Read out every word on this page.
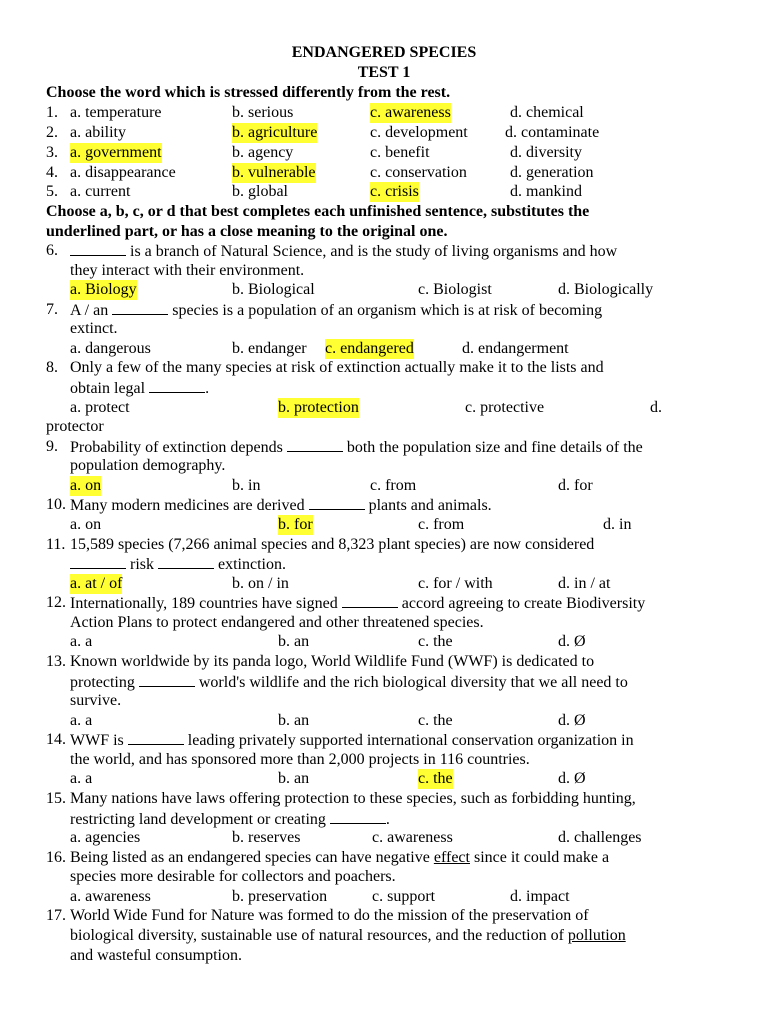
ENDANGERED SPECIES
TEST 1
Choose the word which is stressed differently from the rest.
1. a. temperature	b. serious	c. awareness	d. chemical
2. a. ability	b. agriculture	c. development d. contaminate
3. a. government	b. agency	c. benefit	d. diversity
4. a. disappearance	b. vulnerable	c. conservation	d. generation
5. a. current	b. global	c. crisis	d. mankind
Choose a, b, c, or d that best completes each unfinished sentence, substitutes the
underlined part, or has a close meaning to the original one.
6.	is a branch of Natural Science, and is the study of living organisms and how
they interact with their environment.
a. Biology	b. Biological	c. Biologist	d. Biologically
7. A / an	species is a population of an organism which is at risk of becoming
extinct.
a. dangerous	b. endanger c. endangered	d. endangerment
8. Only a few of the many species at risk of extinction actually make it to the lists and
obtain legal	.
a. protect	b. protection	c. protective	d.
protector
9. Probability of extinction depends	both the population size and fine details of the
population demography.
a. on	b. in	c. from	d. for
10. Many modern medicines are derived	plants and animals.
a. on	b. for	c. from	d. in
11. 15,589 species (7,266 animal species and 8,323 plant species) are now considered
risk	extinction.
a. at / of	b. on / in	c. for / with	d. in / at
12. Internationally, 189 countries have signed	accord agreeing to create Biodiversity
Action Plans to protect endangered and other threatened species.
a. a	b. an	c. the	d. Ø
13. Known worldwide by its panda logo, World Wildlife Fund (WWF) is dedicated to
protecting	world's wildlife and the rich biological diversity that we all need to
survive.
a. a	b. an	c. the	d. Ø
14. WWF is	leading privately supported international conservation organization in
the world, and has sponsored more than 2,000 projects in 116 countries.
a. a	b. an	c. the	d. Ø
15. Many nations have laws offering protection to these species, such as forbidding hunting,
restricting land development or creating	.
a. agencies	b. reserves	c. awareness	d. challenges
16. Being listed as an endangered species can have negative effect since it could make a
species more desirable for collectors and poachers.
a. awareness	b. preservation	c. support	d. impact
17. World Wide Fund for Nature was formed to do the mission of the preservation of
biological diversity, sustainable use of natural resources, and the reduction of pollution
and wasteful consumption.
